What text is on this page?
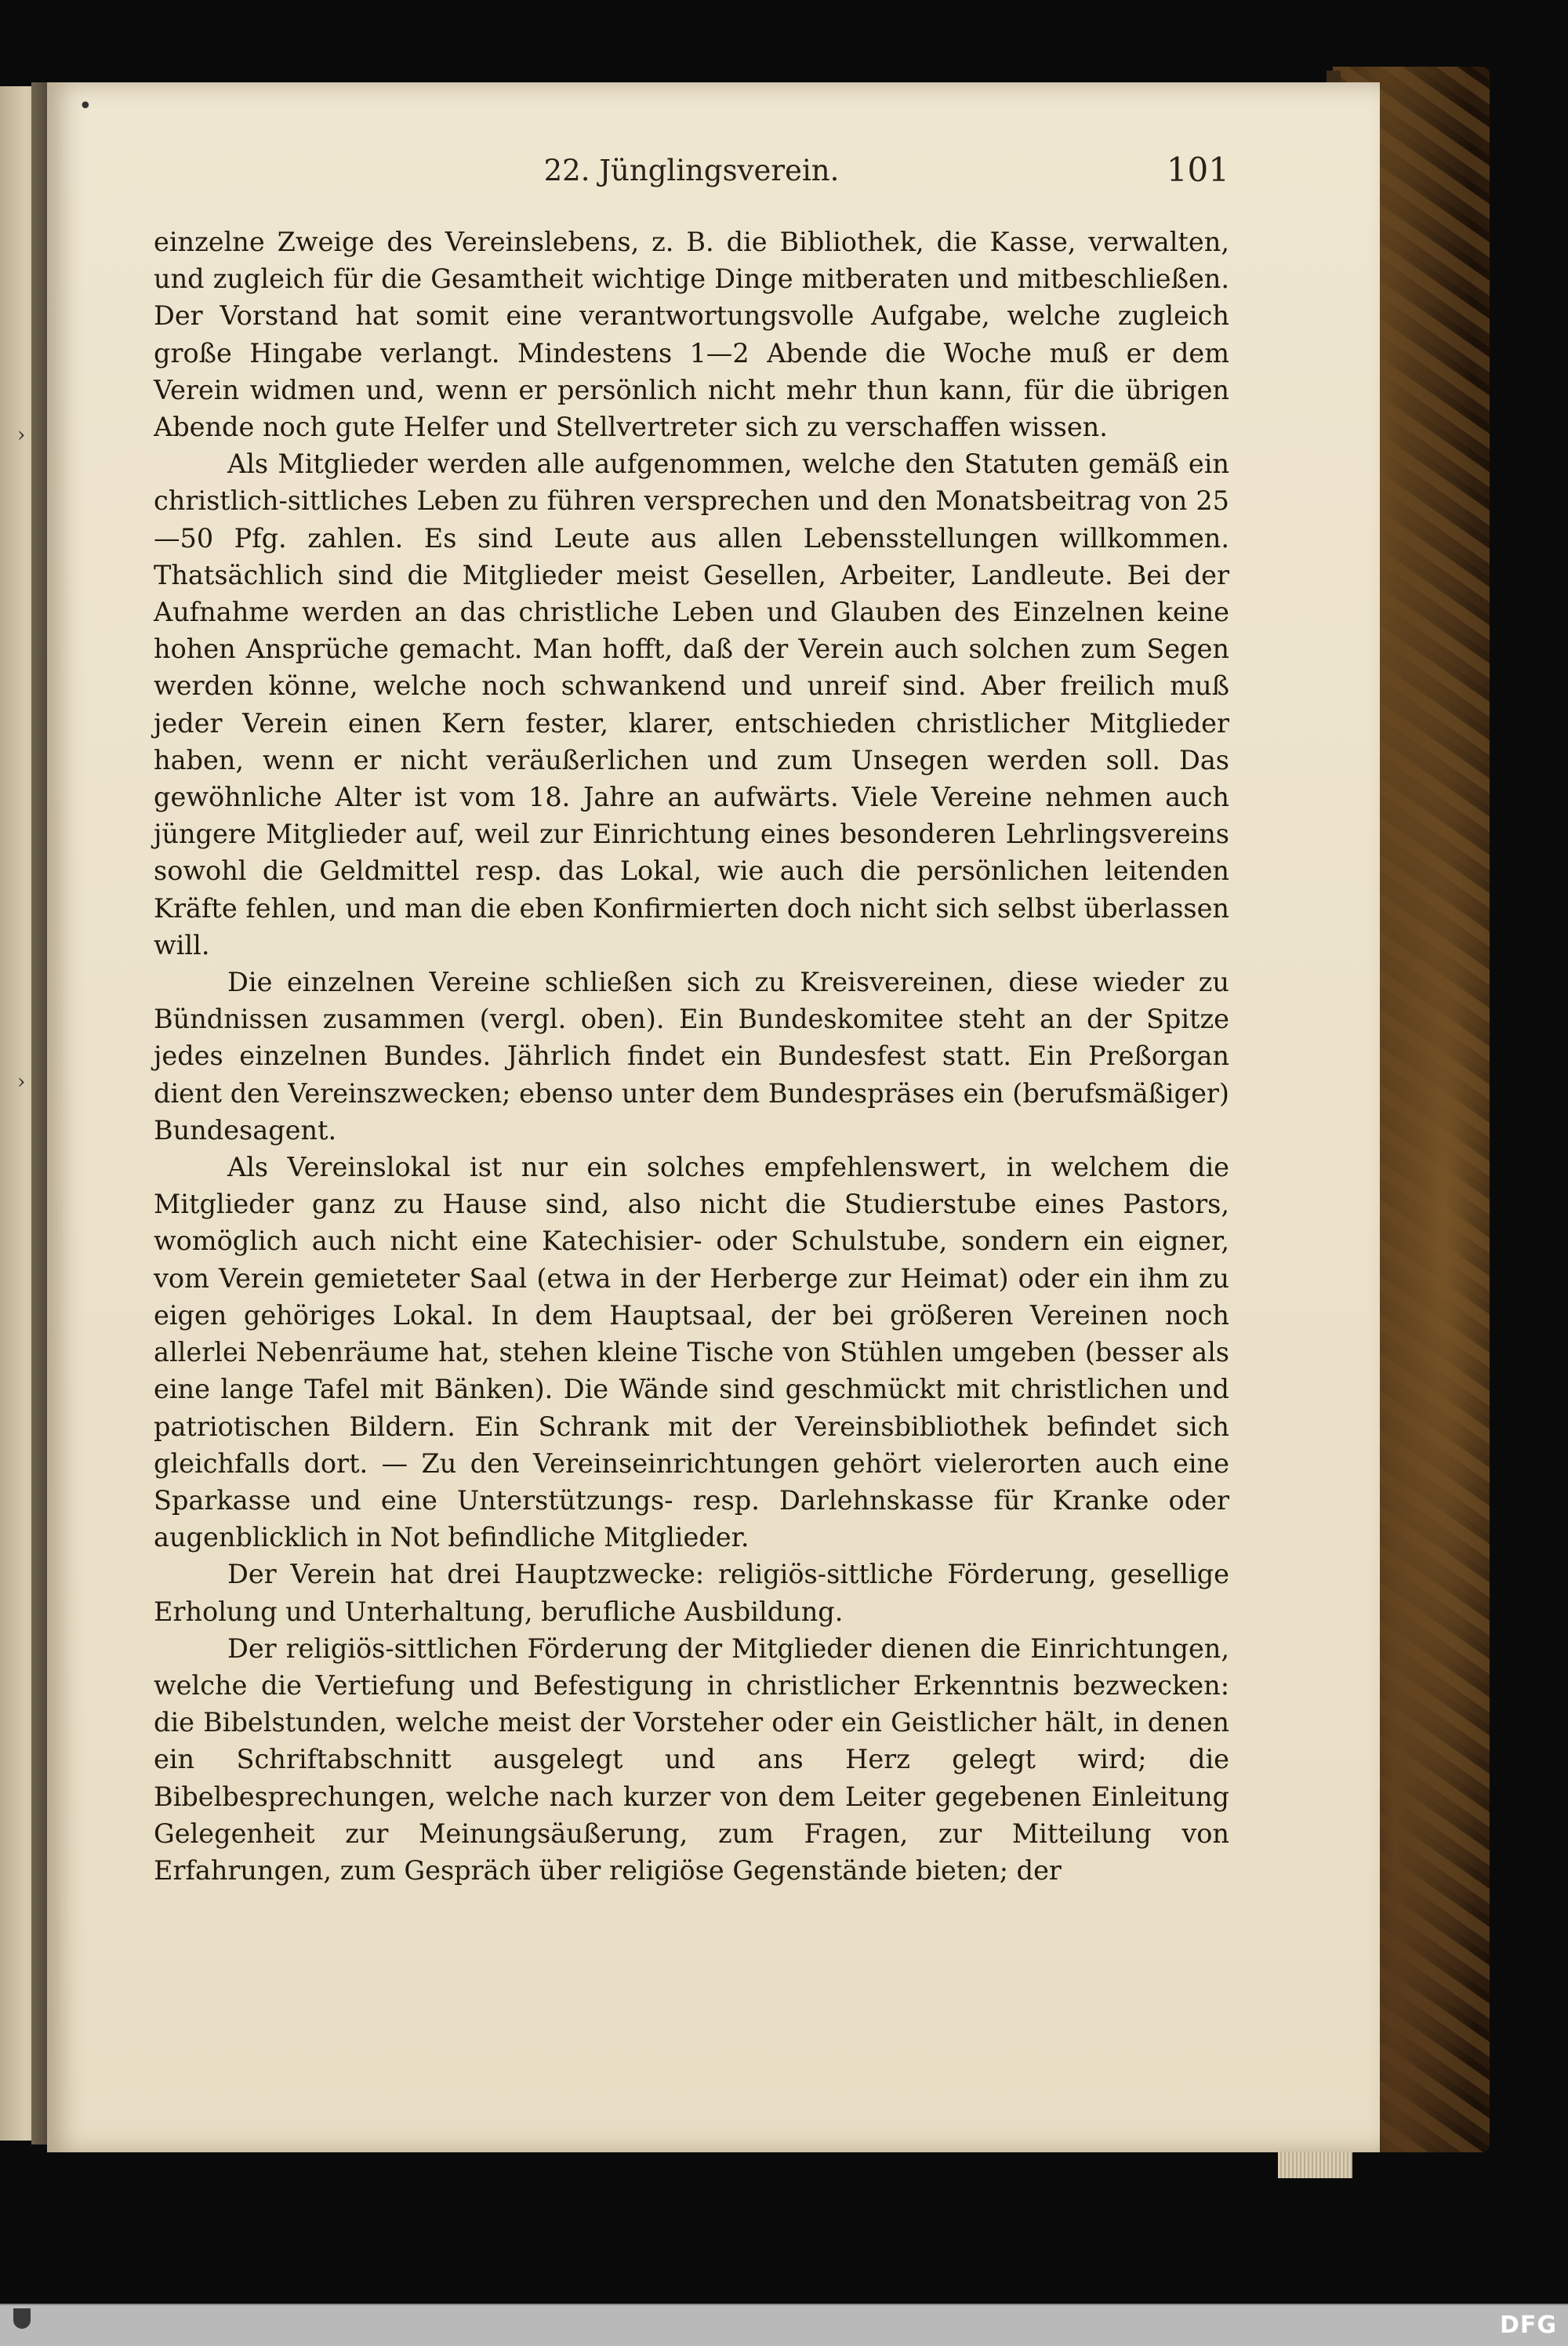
•
›
›
22. Jünglingsverein.	101

einzelne Zweige des Vereinslebens, z. B. die Bibliothek, die Kasse, verwalten, und zugleich für die Gesamtheit wichtige Dinge mitberaten und mitbeschließen. Der Vorstand hat somit eine verantwortungsvolle Aufgabe, welche zugleich große Hingabe verlangt. Mindestens 1—2 Abende die Woche muß er dem Verein widmen und, wenn er persönlich nicht mehr thun kann, für die übrigen Abende noch gute Helfer und Stellvertreter sich zu verschaffen wissen.

Als Mitglieder werden alle aufgenommen, welche den Statuten gemäß ein christlich-sittliches Leben zu führen versprechen und den Monatsbeitrag von 25—50 Pfg. zahlen. Es sind Leute aus allen Lebensstellungen willkommen. Thatsächlich sind die Mitglieder meist Gesellen, Arbeiter, Landleute. Bei der Aufnahme werden an das christliche Leben und Glauben des Einzelnen keine hohen Ansprüche gemacht. Man hofft, daß der Verein auch solchen zum Segen werden könne, welche noch schwankend und unreif sind. Aber freilich muß jeder Verein einen Kern fester, klarer, entschieden christlicher Mitglieder haben, wenn er nicht veräußerlichen und zum Unsegen werden soll. Das gewöhnliche Alter ist vom 18. Jahre an aufwärts. Viele Vereine nehmen auch jüngere Mitglieder auf, weil zur Einrichtung eines besonderen Lehrlingsvereins sowohl die Geldmittel resp. das Lokal, wie auch die persönlichen leitenden Kräfte fehlen, und man die eben Konfirmierten doch nicht sich selbst überlassen will.

Die einzelnen Vereine schließen sich zu Kreisvereinen, diese wieder zu Bündnissen zusammen (vergl. oben). Ein Bundeskomitee steht an der Spitze jedes einzelnen Bundes. Jährlich findet ein Bundesfest statt. Ein Preßorgan dient den Vereinszwecken; ebenso unter dem Bundespräses ein (berufsmäßiger) Bundesagent.

Als Vereinslokal ist nur ein solches empfehlenswert, in welchem die Mitglieder ganz zu Hause sind, also nicht die Studierstube eines Pastors, womöglich auch nicht eine Katechisier- oder Schulstube, sondern ein eigner, vom Verein gemieteter Saal (etwa in der Herberge zur Heimat) oder ein ihm zu eigen gehöriges Lokal. In dem Hauptsaal, der bei größeren Vereinen noch allerlei Nebenräume hat, stehen kleine Tische von Stühlen umgeben (besser als eine lange Tafel mit Bänken). Die Wände sind geschmückt mit christlichen und patriotischen Bildern. Ein Schrank mit der Vereinsbibliothek befindet sich gleichfalls dort. — Zu den Vereinseinrichtungen gehört vielerorten auch eine Sparkasse und eine Unterstützungs- resp. Darlehnskasse für Kranke oder augenblicklich in Not befindliche Mitglieder.

Der Verein hat drei Hauptzwecke: religiös-sittliche Förderung, gesellige Erholung und Unterhaltung, berufliche Ausbildung.

Der religiös-sittlichen Förderung der Mitglieder dienen die Einrichtungen, welche die Vertiefung und Befestigung in christlicher Erkenntnis bezwecken: die Bibelstunden, welche meist der Vorsteher oder ein Geistlicher hält, in denen ein Schriftabschnitt ausgelegt und ans Herz gelegt wird; die Bibelbesprechungen, welche nach kurzer von dem Leiter gegebenen Einleitung Gelegenheit zur Meinungsäußerung, zum Fragen, zur Mitteilung von Erfahrungen, zum Gespräch über religiöse Gegenstände bieten; der

DFG
